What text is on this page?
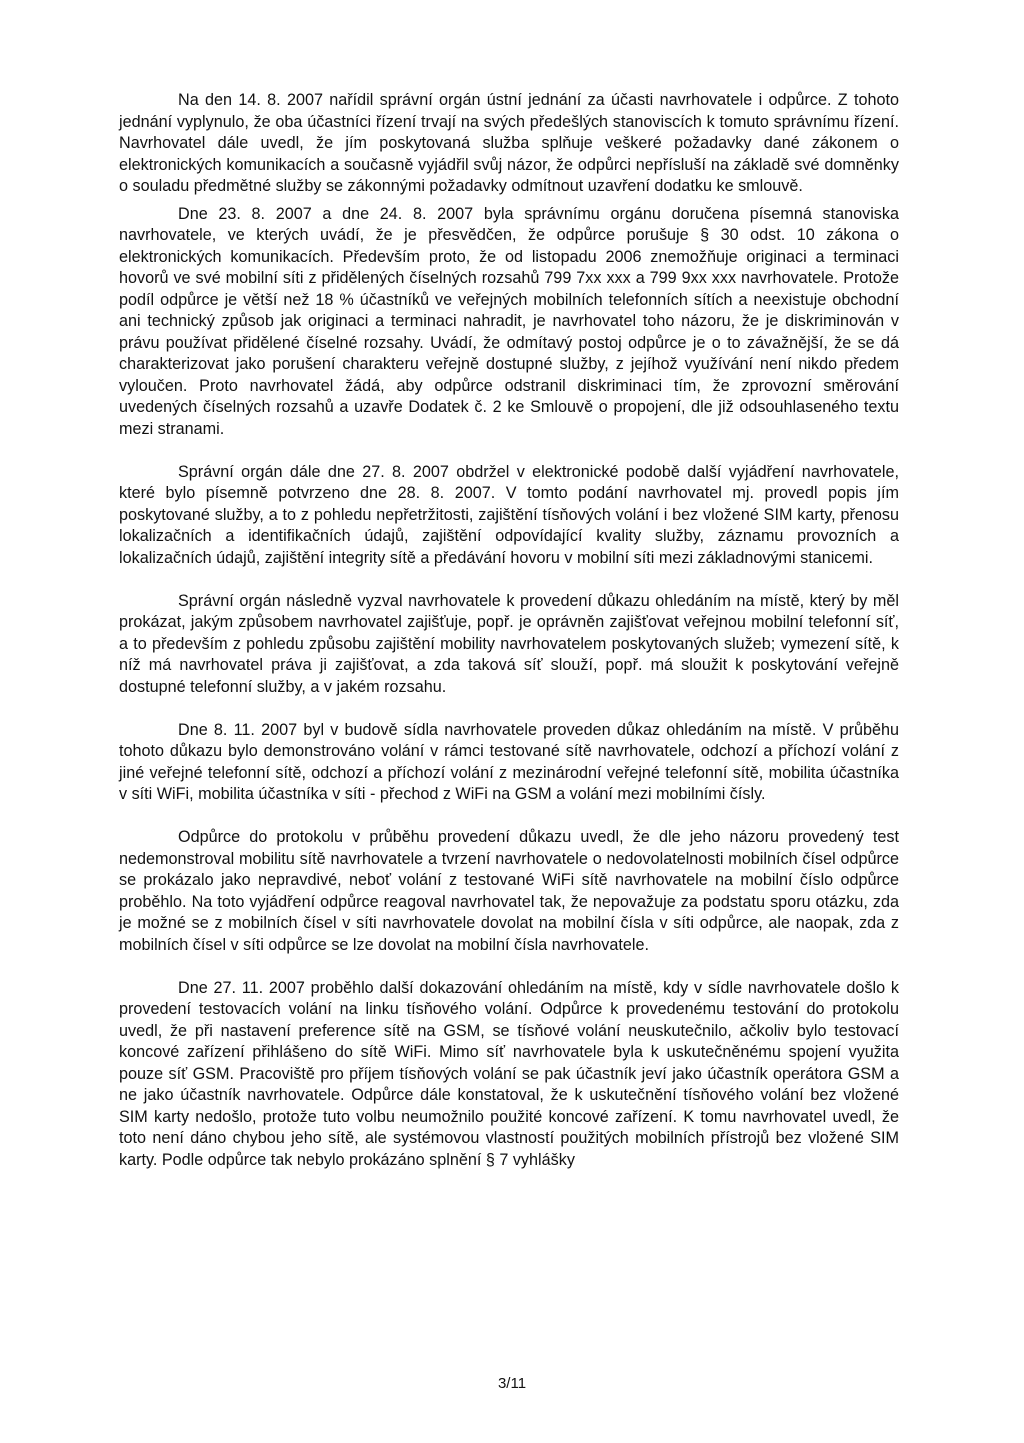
Na den 14. 8. 2007 nařídil správní orgán ústní jednání za účasti navrhovatele i odpůrce. Z tohoto jednání vyplynulo, že oba účastníci řízení trvají na svých předešlých stanoviscích k tomuto správnímu řízení. Navrhovatel dále uvedl, že jím poskytovaná služba splňuje veškeré požadavky dané zákonem o elektronických komunikacích a současně vyjádřil svůj názor, že odpůrci nepřísluší na základě své domněnky o souladu předmětné služby se zákonnými požadavky odmítnout uzavření dodatku ke smlouvě.

Dne 23. 8. 2007 a dne 24. 8. 2007 byla správnímu orgánu doručena písemná stanoviska navrhovatele, ve kterých uvádí, že je přesvědčen, že odpůrce porušuje § 30 odst. 10 zákona o elektronických komunikacích. Především proto, že od listopadu 2006 znemožňuje originaci a terminaci hovorů ve své mobilní síti z přidělených číselných rozsahů 799 7xx xxx a 799 9xx xxx navrhovatele. Protože podíl odpůrce je větší než 18 % účastníků ve veřejných mobilních telefonních sítích a neexistuje obchodní ani technický způsob jak originaci a terminaci nahradit, je navrhovatel toho názoru, že je diskriminován v právu používat přidělené číselné rozsahy. Uvádí, že odmítavý postoj odpůrce je o to závažnější, že se dá charakterizovat jako porušení charakteru veřejně dostupné služby, z jejíhož využívání není nikdo předem vyloučen. Proto navrhovatel žádá, aby odpůrce odstranil diskriminaci tím, že zprovozní směrování uvedených číselných rozsahů a uzavře Dodatek č. 2 ke Smlouvě o propojení, dle již odsouhlaseného textu mezi stranami.

Správní orgán dále dne 27. 8. 2007 obdržel v elektronické podobě další vyjádření navrhovatele, které bylo písemně potvrzeno dne 28. 8. 2007. V tomto podání navrhovatel mj. provedl popis jím poskytované služby, a to z pohledu nepřetržitosti, zajištění tísňových volání i bez vložené SIM karty, přenosu lokalizačních a identifikačních údajů, zajištění odpovídající kvality služby, záznamu provozních a lokalizačních údajů, zajištění integrity sítě a předávání hovoru v mobilní síti mezi základnovými stanicemi.

Správní orgán následně vyzval navrhovatele k provedení důkazu ohledáním na místě, který by měl prokázat, jakým způsobem navrhovatel zajišťuje, popř. je oprávněn zajišťovat veřejnou mobilní telefonní síť, a to především z pohledu způsobu zajištění mobility navrhovatelem poskytovaných služeb; vymezení sítě, k níž má navrhovatel práva ji zajišťovat, a zda taková síť slouží, popř. má sloužit k poskytování veřejně dostupné telefonní služby, a v jakém rozsahu.

Dne 8. 11. 2007 byl v budově sídla navrhovatele proveden důkaz ohledáním na místě. V průběhu tohoto důkazu bylo demonstrováno volání v rámci testované sítě navrhovatele, odchozí a příchozí volání z jiné veřejné telefonní sítě, odchozí a příchozí volání z mezinárodní veřejné telefonní sítě, mobilita účastníka v síti WiFi, mobilita účastníka v síti - přechod z WiFi na GSM a volání mezi mobilními čísly.

Odpůrce do protokolu v průběhu provedení důkazu uvedl, že dle jeho názoru provedený test nedemonstroval mobilitu sítě navrhovatele a tvrzení navrhovatele o nedovolatelnosti mobilních čísel odpůrce se prokázalo jako nepravdivé, neboť volání z testované WiFi sítě navrhovatele na mobilní číslo odpůrce proběhlo. Na toto vyjádření odpůrce reagoval navrhovatel tak, že nepovažuje za podstatu sporu otázku, zda je možné se z mobilních čísel v síti navrhovatele dovolat na mobilní čísla v síti odpůrce, ale naopak, zda z mobilních čísel v síti odpůrce se lze dovolat na mobilní čísla navrhovatele.

Dne 27. 11. 2007 proběhlo další dokazování ohledáním na místě, kdy v sídle navrhovatele došlo k provedení testovacích volání na linku tísňového volání. Odpůrce k provedenému testování do protokolu uvedl, že při nastavení preference sítě na GSM, se tísňové volání neuskutečnilo, ačkoliv bylo testovací koncové zařízení přihlášeno do sítě WiFi. Mimo síť navrhovatele byla k uskutečněnému spojení využita pouze síť GSM. Pracoviště pro příjem tísňových volání se pak účastník jeví jako účastník operátora GSM a ne jako účastník navrhovatele. Odpůrce dále konstatoval, že k uskutečnění tísňového volání bez vložené SIM karty nedošlo, protože tuto volbu neumožnilo použité koncové zařízení. K tomu navrhovatel uvedl, že toto není dáno chybou jeho sítě, ale systémovou vlastností použitých mobilních přístrojů bez vložené SIM karty. Podle odpůrce tak nebylo prokázáno splnění § 7 vyhlášky

3/11
